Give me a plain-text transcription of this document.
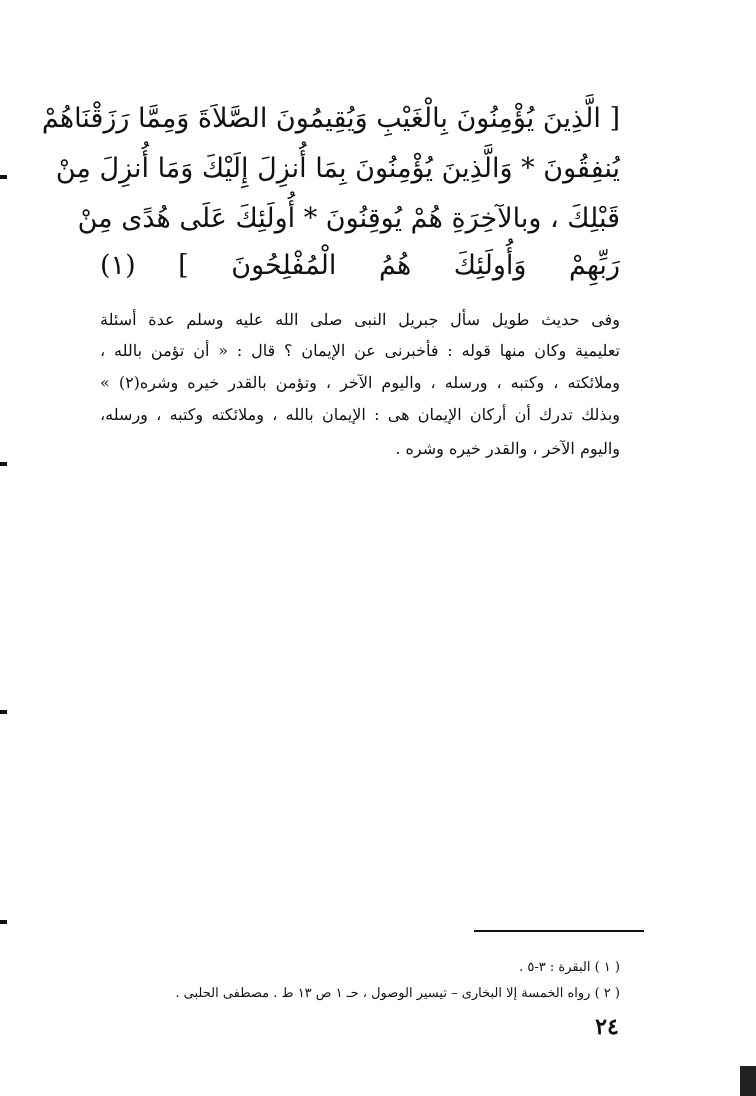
[ الَّذِينَ يُؤْمِنُونَ بِالْغَيْبِ وَيُقِيمُونَ الصَّلاَةَ وَمِمَّا رَزَقْنَاهُمْ
يُنفِقُونَ * وَالَّذِينَ يُؤْمِنُونَ بِمَا أُنزِلَ إِلَيْكَ وَمَا أُنزِلَ مِنْ
قَبْلِكَ ، وبالآخِرَةِ هُمْ يُوقِنُونَ * أُولَئِكَ عَلَى هُدًى مِنْ
رَبِّهِمْ وَأُولَئِكَ هُمُ الْمُفْلِحُونَ ] (١)
وفى حديث طويل سأل جبريل النبى صلى الله عليه وسلم عدة أسئلة
تعليمية وكان منها قوله : فأخبرنى عن الإيمان ؟ قال : « أن تؤمن بالله ،
وملائكته ، وكتبه ، ورسله ، واليوم الآخر ، وتؤمن بالقدر خيره وشره(٢) »
وبذلك تدرك أن أركان الإيمان هى : الإيمان بالله ، وملائكته وكتبه ، ورسله،
واليوم الآخر ، والقدر خيره وشره .
( ١ ) البقرة : ٣-٥ .
( ٢ ) رواه الخمسة إلا البخارى – تيسير الوصول ، حـ ١ ص ١٣ ط . مصطفى الحلبى .
٢٤
